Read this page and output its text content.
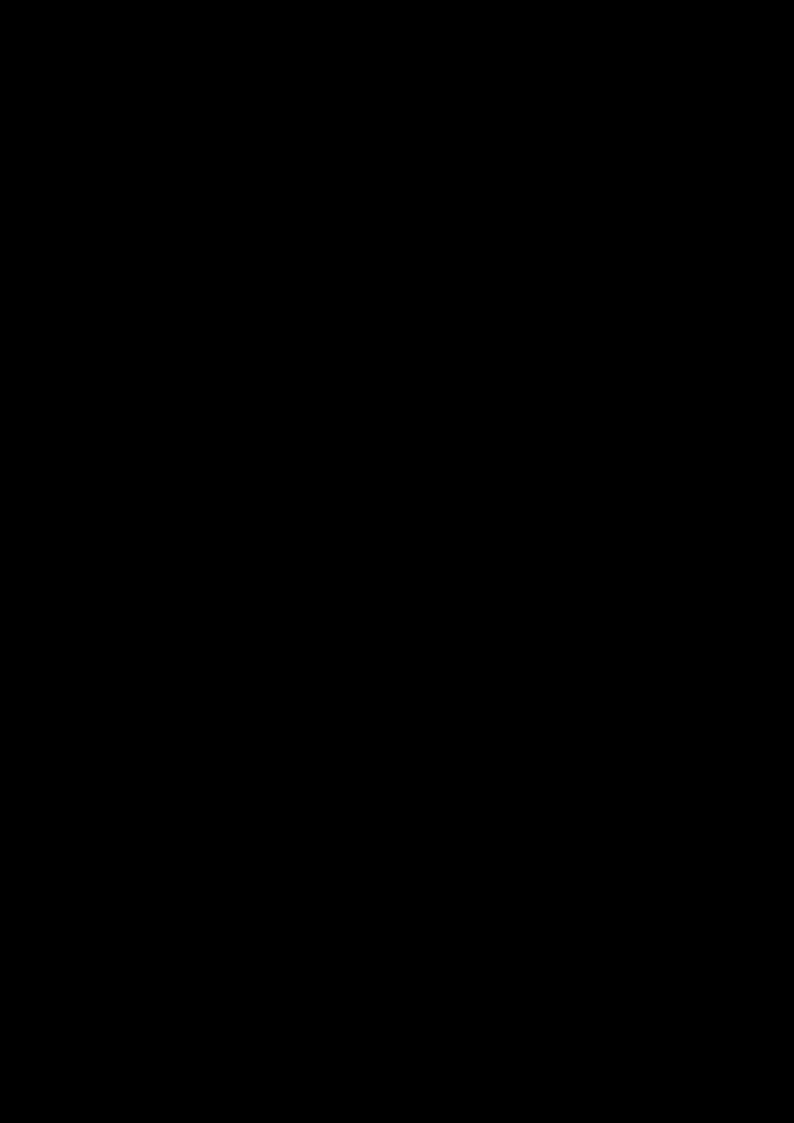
Skutečné provedení
Podstřeší	Kotelna
Odvzdušnění
automatické
Odvzdušnění
automatické
Ventil
filtr
oběhové čerpadlo TČ
zpětná klapka TČ
Tepelné
čerpadlo
xxxxx xxx
(xxxx)
Rozvaděč topného
potrubí
Výstupy
Kotel
Viadrus	Zpětná
klapka
kotle	Zpátečky
Oběhové
čerpadlo
kotle utěs.
Manometr
Expanzomat
Ventily k. kohoutem
(rezerva pro výměnu kohoutů)
Popis funkce:
1. Provoz na kotel Viadrus
Po zatopení a zvýšení na provozní teplotu sepne termostat na výstupu kotle oběhové čerpadlo kotle, voda je tlačena přes
zpětnou klapku do kotle, kotel a do systému. Zpětná klapka za čerpadlem TČ, v přívodu teplé vody od tepelného čerpadla,
brání cirkulaci do tepelného čerpadla.
2. Provoz na tepelné čerpadlo
Po startu TČ a zvýšení sepne elektronika tepelného čerpadla oběhové čerpadlo TČ a TČ vede z poklesu teplou vodu přes
ventil a zpětnou klapku do systému. Zpětná klapka za čerpadlem kotle, na vstupu studené vody do kotle, brání cirkulaci
přes kotel.
Úprava a doplnění instalace topení
pro připojení tepelného čerpadla
- skutečné provedení.
2.11.2009
